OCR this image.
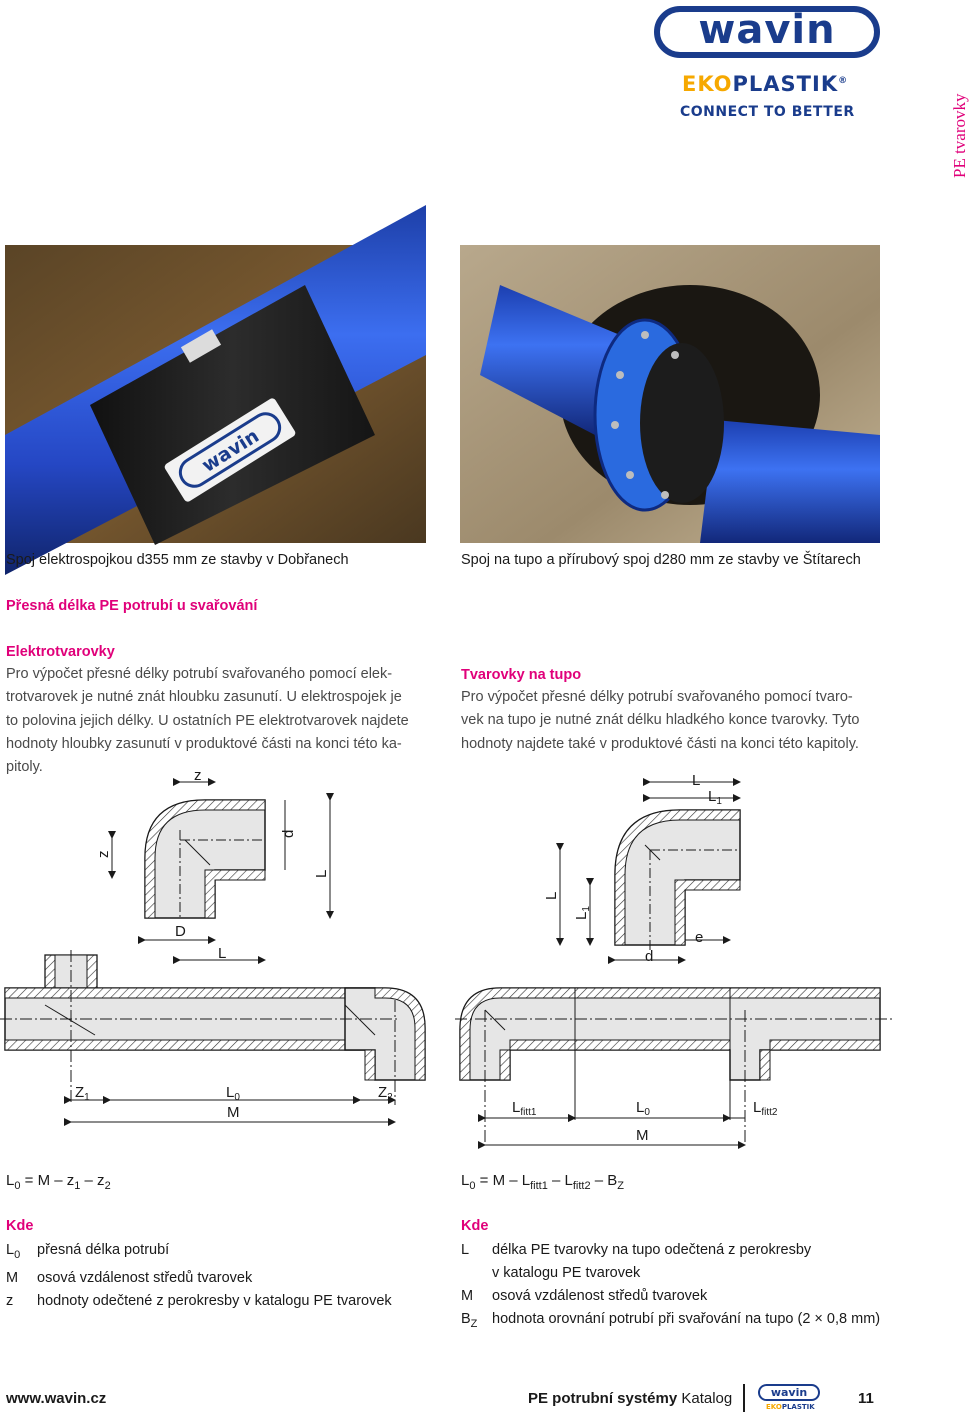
PE tvarovky
wavin
EKOPLASTIK®
CONNECT TO BETTER
wavin
Spoj elektrospojkou d355 mm ze stavby v Dobřanech	Spoj na tupo a přírubový spoj d280 mm ze stavby ve Štítarech
Přesná délka PE potrubí u svařování
Elektrotvarovky
Pro výpočet přesné délky potrubí svařovaného pomocí elek-
trotvarovek je nutné znát hloubku zasunutí. U elektrospojek je
to polovina jejich délky. U ostatních PE elektrotvarovek najdete
hodnoty hloubky zasunutí v produktové části na konci této ka-
pitoly.
Tvarovky na tupo
Pro výpočet přesné délky potrubí svařovaného pomocí tvaro-
vek na tupo je nutné znát délku hladkého konce tvarovky. Tyto
hodnoty najdete také v produktové části na konci této kapitoly.
z
z
d
L
D
L
L
$L_1$
L
$L_1$
d
e
$Z_1$	$L_0$	$Z_2$
M	$L_{fitt1}$	$L_0$	$L_{fitt2}$
M
$L_0 = M - z_1 - z_2$	$L_0 = M - L_{fitt1} - L_{fitt2} - B_Z$
Kde
$L_0$	přesná délka potrubí
M	osová vzdálenost středů tvarovek
z	hodnoty odečtené z perokresby v katalogu PE tvarovek
Kde
L	délka PE tvarovky na tupo odečtená z perokresby
v katalogu PE tvarovek
M	osová vzdálenost středů tvarovek
$B_Z$	hodnota orovnání potrubí při svařování na tupo (2 × 0,8 mm)
www.wavin.cz	PE potrubní systémy Katalog	wavin
EKOPLASTIK	11
